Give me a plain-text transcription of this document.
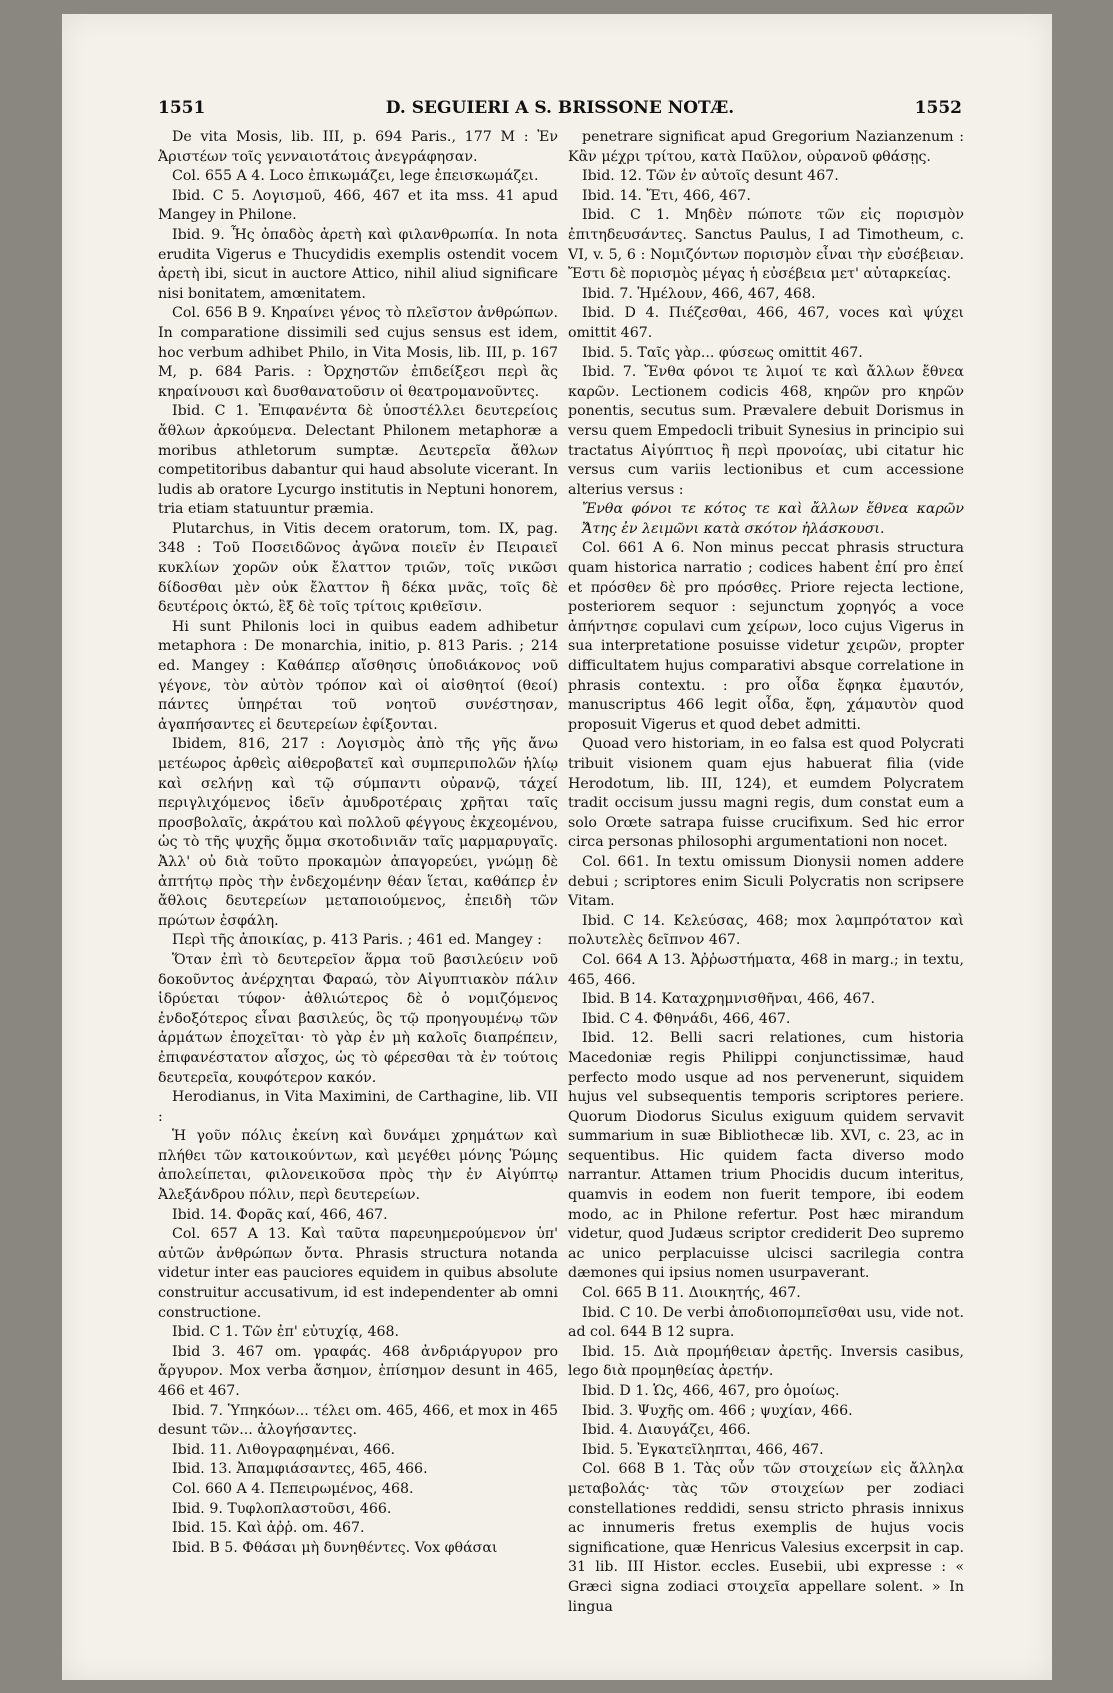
1551	D. SEGUIERI A S. BRISSONE NOTÆ.	1552

De vita Mosis, lib. III, p. 694 Paris., 177 M : Ἐν Ἀριστέων τοῖς γενναιοτάτοις ἀνεγράφησαν.

Col. 655 A 4. Loco ἐπικωμάζει, lege ἐπεισκωμάζει.

Ibid. C 5. Λογισμοῦ, 466, 467 et ita mss. 41 apud Mangey in Philone.

Ibid. 9. Ἧς ὀπαδὸς ἀρετὴ καὶ φιλανθρωπία. In nota erudita Vigerus e Thucydidis exemplis ostendit vocem ἀρετὴ ibi, sicut in auctore Attico, nihil aliud significare nisi bonitatem, amœnitatem.

Col. 656 B 9. Κηραίνει γένος τὸ πλεῖστον ἀνθρώπων. In comparatione dissimili sed cujus sensus est idem, hoc verbum adhibet Philo, in Vita Mosis, lib. III, p. 167 M, p. 684 Paris. : Ὀρχηστῶν ἐπιδείξεσι περὶ ἃς κηραίνουσι καὶ δυσθανατοῦσιν οἱ θεατρομανοῦντες.

Ibid. C 1. Ἐπιφανέντα δὲ ὑποστέλλει δευτερείοις ἄθλων ἀρκούμενα. Delectant Philonem metaphoræ a moribus athletorum sumptæ. Δευτερεῖα ἄθλων competitoribus dabantur qui haud absolute vicerant. In ludis ab oratore Lycurgo institutis in Neptuni honorem, tria etiam statuuntur præmia.

Plutarchus, in Vitis decem oratorum, tom. IX, pag. 348 : Τοῦ Ποσειδῶνος ἀγῶνα ποιεῖν ἐν Πειραιεῖ κυκλίων χορῶν οὐκ ἔλαττον τριῶν, τοῖς νικῶσι δίδοσθαι μὲν οὐκ ἔλαττον ἢ δέκα μνᾶς, τοῖς δὲ δευτέροις ὀκτώ, ἓξ δὲ τοῖς τρίτοις κριθεῖσιν.

Hi sunt Philonis loci in quibus eadem adhibetur metaphora : De monarchia, initio, p. 813 Paris. ; 214 ed. Mangey : Καθάπερ αἴσθησις ὑποδιάκονος νοῦ γέγονε, τὸν αὐτὸν τρόπον καὶ οἱ αἰσθητοί (θεοί) πάντες ὑπηρέται τοῦ νοητοῦ συνέστησαν, ἀγαπήσαντες εἰ δευτερείων ἐφίξονται.

Ibidem, 816, 217 : Λογισμὸς ἀπὸ τῆς γῆς ἄνω μετέωρος ἀρθεὶς αἰθεροβατεῖ καὶ συμπεριπολῶν ἡλίῳ καὶ σελήνῃ καὶ τῷ σύμπαντι οὐρανῷ, τάχεί περιγλιχόμενος ἰδεῖν ἀμυδροτέραις χρῆται ταῖς προσβολαῖς, ἀκράτου καὶ πολλοῦ φέγγους ἐκχεομένου, ὡς τὸ τῆς ψυχῆς ὄμμα σκοτοδινιᾶν ταῖς μαρμαρυγαῖς. Ἀλλ' οὐ διὰ τοῦτο προκαμὼν ἀπαγορεύει, γνώμῃ δὲ ἀπτήτῳ πρὸς τὴν ἐνδεχομένην θέαν ἵεται, καθάπερ ἐν ἄθλοις δευτερείων μεταποιούμενος, ἐπειδὴ τῶν πρώτων ἐσφάλη.

Περὶ τῆς ἀποικίας, p. 413 Paris. ; 461 ed. Mangey :

Ὅταν ἐπὶ τὸ δευτερεῖον ἅρμα τοῦ βασιλεύειν νοῦ δοκοῦντος ἀνέρχηται Φαραώ, τὸν Αἰγυπτιακὸν πάλιν ἱδρύεται τύφον· ἀθλιώτερος δὲ ὁ νομιζόμενος ἐνδοξότερος εἶναι βασιλεύς, ὃς τῷ προηγουμένῳ τῶν ἁρμάτων ἐποχεῖται· τὸ γὰρ ἐν μὴ καλοῖς διαπρέπειν, ἐπιφανέστατον αἶσχος, ὡς τὸ φέρεσθαι τὰ ἐν τούτοις δευτερεῖα, κουφότερον κακόν.

Herodianus, in Vita Maximini, de Carthagine, lib. VII :

Ἡ γοῦν πόλις ἐκείνη καὶ δυνάμει χρημάτων καὶ πλήθει τῶν κατοικούντων, καὶ μεγέθει μόνης Ῥώμης ἀπολείπεται, φιλονεικοῦσα πρὸς τὴν ἐν Αἰγύπτῳ Ἀλεξάνδρου πόλιν, περὶ δευτερείων.

Ibid. 14. Φορᾶς καί, 466, 467.

Col. 657 A 13. Καὶ ταῦτα παρευημερούμενον ὑπ' αὐτῶν ἀνθρώπων ὄντα. Phrasis structura notanda videtur inter eas pauciores equidem in quibus absolute construitur accusativum, id est independenter ab omni constructione.

Ibid. C 1. Τῶν ἐπ' εὐτυχίᾳ, 468.

Ibid 3. 467 om. γραφάς. 468 ἀνδριάργυρον pro ἄργυρον. Mox verba ἄσημον, ἐπίσημον desunt in 465, 466 et 467.

Ibid. 7. Ὑπηκόων... τέλει om. 465, 466, et mox in 465 desunt τῶν... ἀλογήσαντες.

Ibid. 11. Λιθογραφημέναι, 466.

Ibid. 13. Ἀπαμφιάσαντες, 465, 466.

Col. 660 A 4. Πεπειρωμένος, 468.

Ibid. 9. Τυφλοπλαστοῦσι, 466.

Ibid. 15. Καὶ ἀῤῥ. om. 467.

Ibid. B 5. Φθάσαι μὴ δυνηθέντες. Vox φθάσαι

penetrare significat apud Gregorium Nazianzenum : Κἂν μέχρι τρίτου, κατὰ Παῦλον, οὐρανοῦ φθάσῃς.

Ibid. 12. Τῶν ἐν αὐτοῖς desunt 467.

Ibid. 14. Ἔτι, 466, 467.

Ibid. C 1. Μηδὲν πώποτε τῶν εἰς πορισμὸν ἐπιτηδευσάντες. Sanctus Paulus, I ad Timotheum, c. VI, v. 5, 6 : Νομιζόντων πορισμὸν εἶναι τὴν εὐσέβειαν. Ἔστι δὲ πορισμὸς μέγας ἡ εὐσέβεια μετ' αὐταρκείας.

Ibid. 7. Ἡμέλουν, 466, 467, 468.

Ibid. D 4. Πιέζεσθαι, 466, 467, voces καὶ ψύχει omittit 467.

Ibid. 5. Ταῖς γὰρ... φύσεως omittit 467.

Ibid. 7. Ἔνθα φόνοι τε λιμοί τε καὶ ἄλλων ἔθνεα καρῶν. Lectionem codicis 468, κηρῶν pro κηρῶν ponentis, secutus sum. Prævalere debuit Dorismus in versu quem Empedocli tribuit Synesius in principio sui tractatus Αἰγύπτιος ἢ περὶ προνοίας, ubi citatur hic versus cum variis lectionibus et cum accessione alterius versus :

Ἔνθα φόνοι τε κότος τε καὶ ἄλλων ἔθνεα καρῶν Ἄτης ἐν λειμῶνι κατὰ σκότον ἠλάσκουσι.

Col. 661 A 6. Non minus peccat phrasis structura quam historica narratio ; codices habent ἐπί pro ἐπεί et πρόσθεν δὲ pro πρόσθες. Priore rejecta lectione, posteriorem sequor : sejunctum χορηγός a voce ἀπήντησε copulavi cum χείρων, loco cujus Vigerus in sua interpretatione posuisse videtur χειρῶν, propter difficultatem hujus comparativi absque correlatione in phrasis contextu. : pro οἶδα ἔφηκα ἐμαυτόν, manuscriptus 466 legit οἶδα, ἔφη, χάμαυτὸν quod proposuit Vigerus et quod debet admitti.

Quoad vero historiam, in eo falsa est quod Polycrati tribuit visionem quam ejus habuerat filia (vide Herodotum, lib. III, 124), et eumdem Polycratem tradit occisum jussu magni regis, dum constat eum a solo Orœte satrapa fuisse crucifixum. Sed hic error circa personas philosophi argumentationi non nocet.

Col. 661. In textu omissum Dionysii nomen addere debui ; scriptores enim Siculi Polycratis non scripsere Vitam.

Ibid. C 14. Κελεύσας, 468; mox λαμπρότατον καὶ πολυτελὲς δεῖπνον 467.

Col. 664 A 13. Ἀῤῥωστήματα, 468 in marg.; in textu, 465, 466.

Ibid. B 14. Καταχρημνισθῆναι, 466, 467.

Ibid. C 4. Φθηνάδι, 466, 467.

Ibid. 12. Belli sacri relationes, cum historia Macedoniæ regis Philippi conjunctissimæ, haud perfecto modo usque ad nos pervenerunt, siquidem hujus vel subsequentis temporis scriptores periere. Quorum Diodorus Siculus exiguum quidem servavit summarium in suæ Bibliothecæ lib. XVI, c. 23, ac in sequentibus. Hic quidem facta diverso modo narrantur. Attamen trium Phocidis ducum interitus, quamvis in eodem non fuerit tempore, ibi eodem modo, ac in Philone refertur. Post hæc mirandum videtur, quod Judæus scriptor crediderit Deo supremo ac unico perplacuisse ulcisci sacrilegia contra dæmones qui ipsius nomen usurpaverant.

Col. 665 B 11. Διοικητής, 467.

Ibid. C 10. De verbi ἀποδιοπομπεῖσθαι usu, vide not. ad col. 644 B 12 supra.

Ibid. 15. Διὰ προμήθειαν ἀρετῆς. Inversis casibus, lego διὰ προμηθείας ἀρετήν.

Ibid. D 1. Ὡς, 466, 467, pro ὁμοίως.

Ibid. 3. Ψυχῆς om. 466 ; ψυχίαν, 466.

Ibid. 4. Διαυγάζει, 466.

Ibid. 5. Ἐγκατεῖληπται, 466, 467.

Col. 668 B 1. Τὰς οὖν τῶν στοιχείων εἰς ἄλληλα μεταβολάς· τὰς τῶν στοιχείων per zodiaci constellationes reddidi, sensu stricto phrasis innixus ac innumeris fretus exemplis de hujus vocis significatione, quæ Henricus Valesius excerpsit in cap. 31 lib. III Histor. eccles. Eusebii, ubi expresse : « Græci signa zodiaci στοιχεῖα appellare solent. » In lingua
